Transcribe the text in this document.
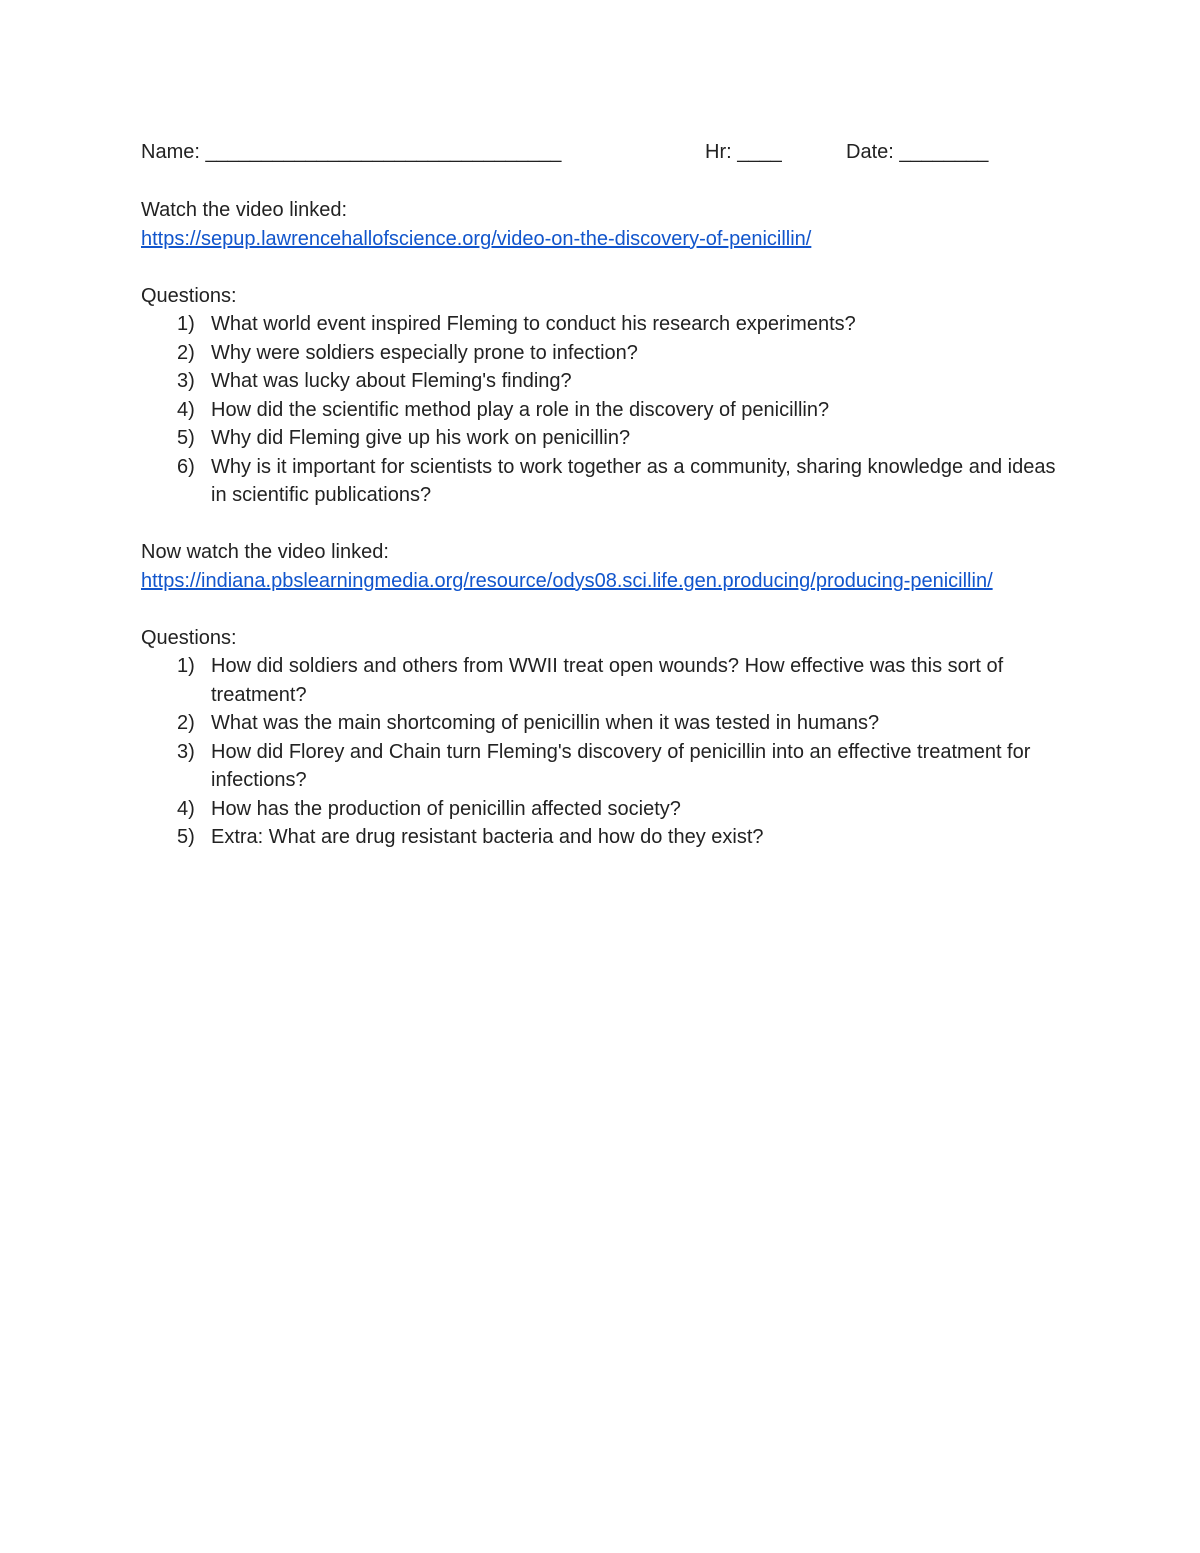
Name: ________________________________	Hr: ____	Date: ________

Watch the video linked:

https://sepup.lawrencehallofscience.org/video-on-the-discovery-of-penicillin/

Questions:

1) What world event inspired Fleming to conduct his research experiments?
2) Why were soldiers especially prone to infection?
3) What was lucky about Fleming's finding?
4) How did the scientific method play a role in the discovery of penicillin?
5) Why did Fleming give up his work on penicillin?
6) Why is it important for scientists to work together as a community, sharing knowledge and ideas in scientific publications?

Now watch the video linked:

https://indiana.pbslearningmedia.org/resource/odys08.sci.life.gen.producing/producing-penicillin/

Questions:

1) How did soldiers and others from WWII treat open wounds? How effective was this sort of treatment?
2) What was the main shortcoming of penicillin when it was tested in humans?
3) How did Florey and Chain turn Fleming's discovery of penicillin into an effective treatment for infections?
4) How has the production of penicillin affected society?
5) Extra: What are drug resistant bacteria and how do they exist?
